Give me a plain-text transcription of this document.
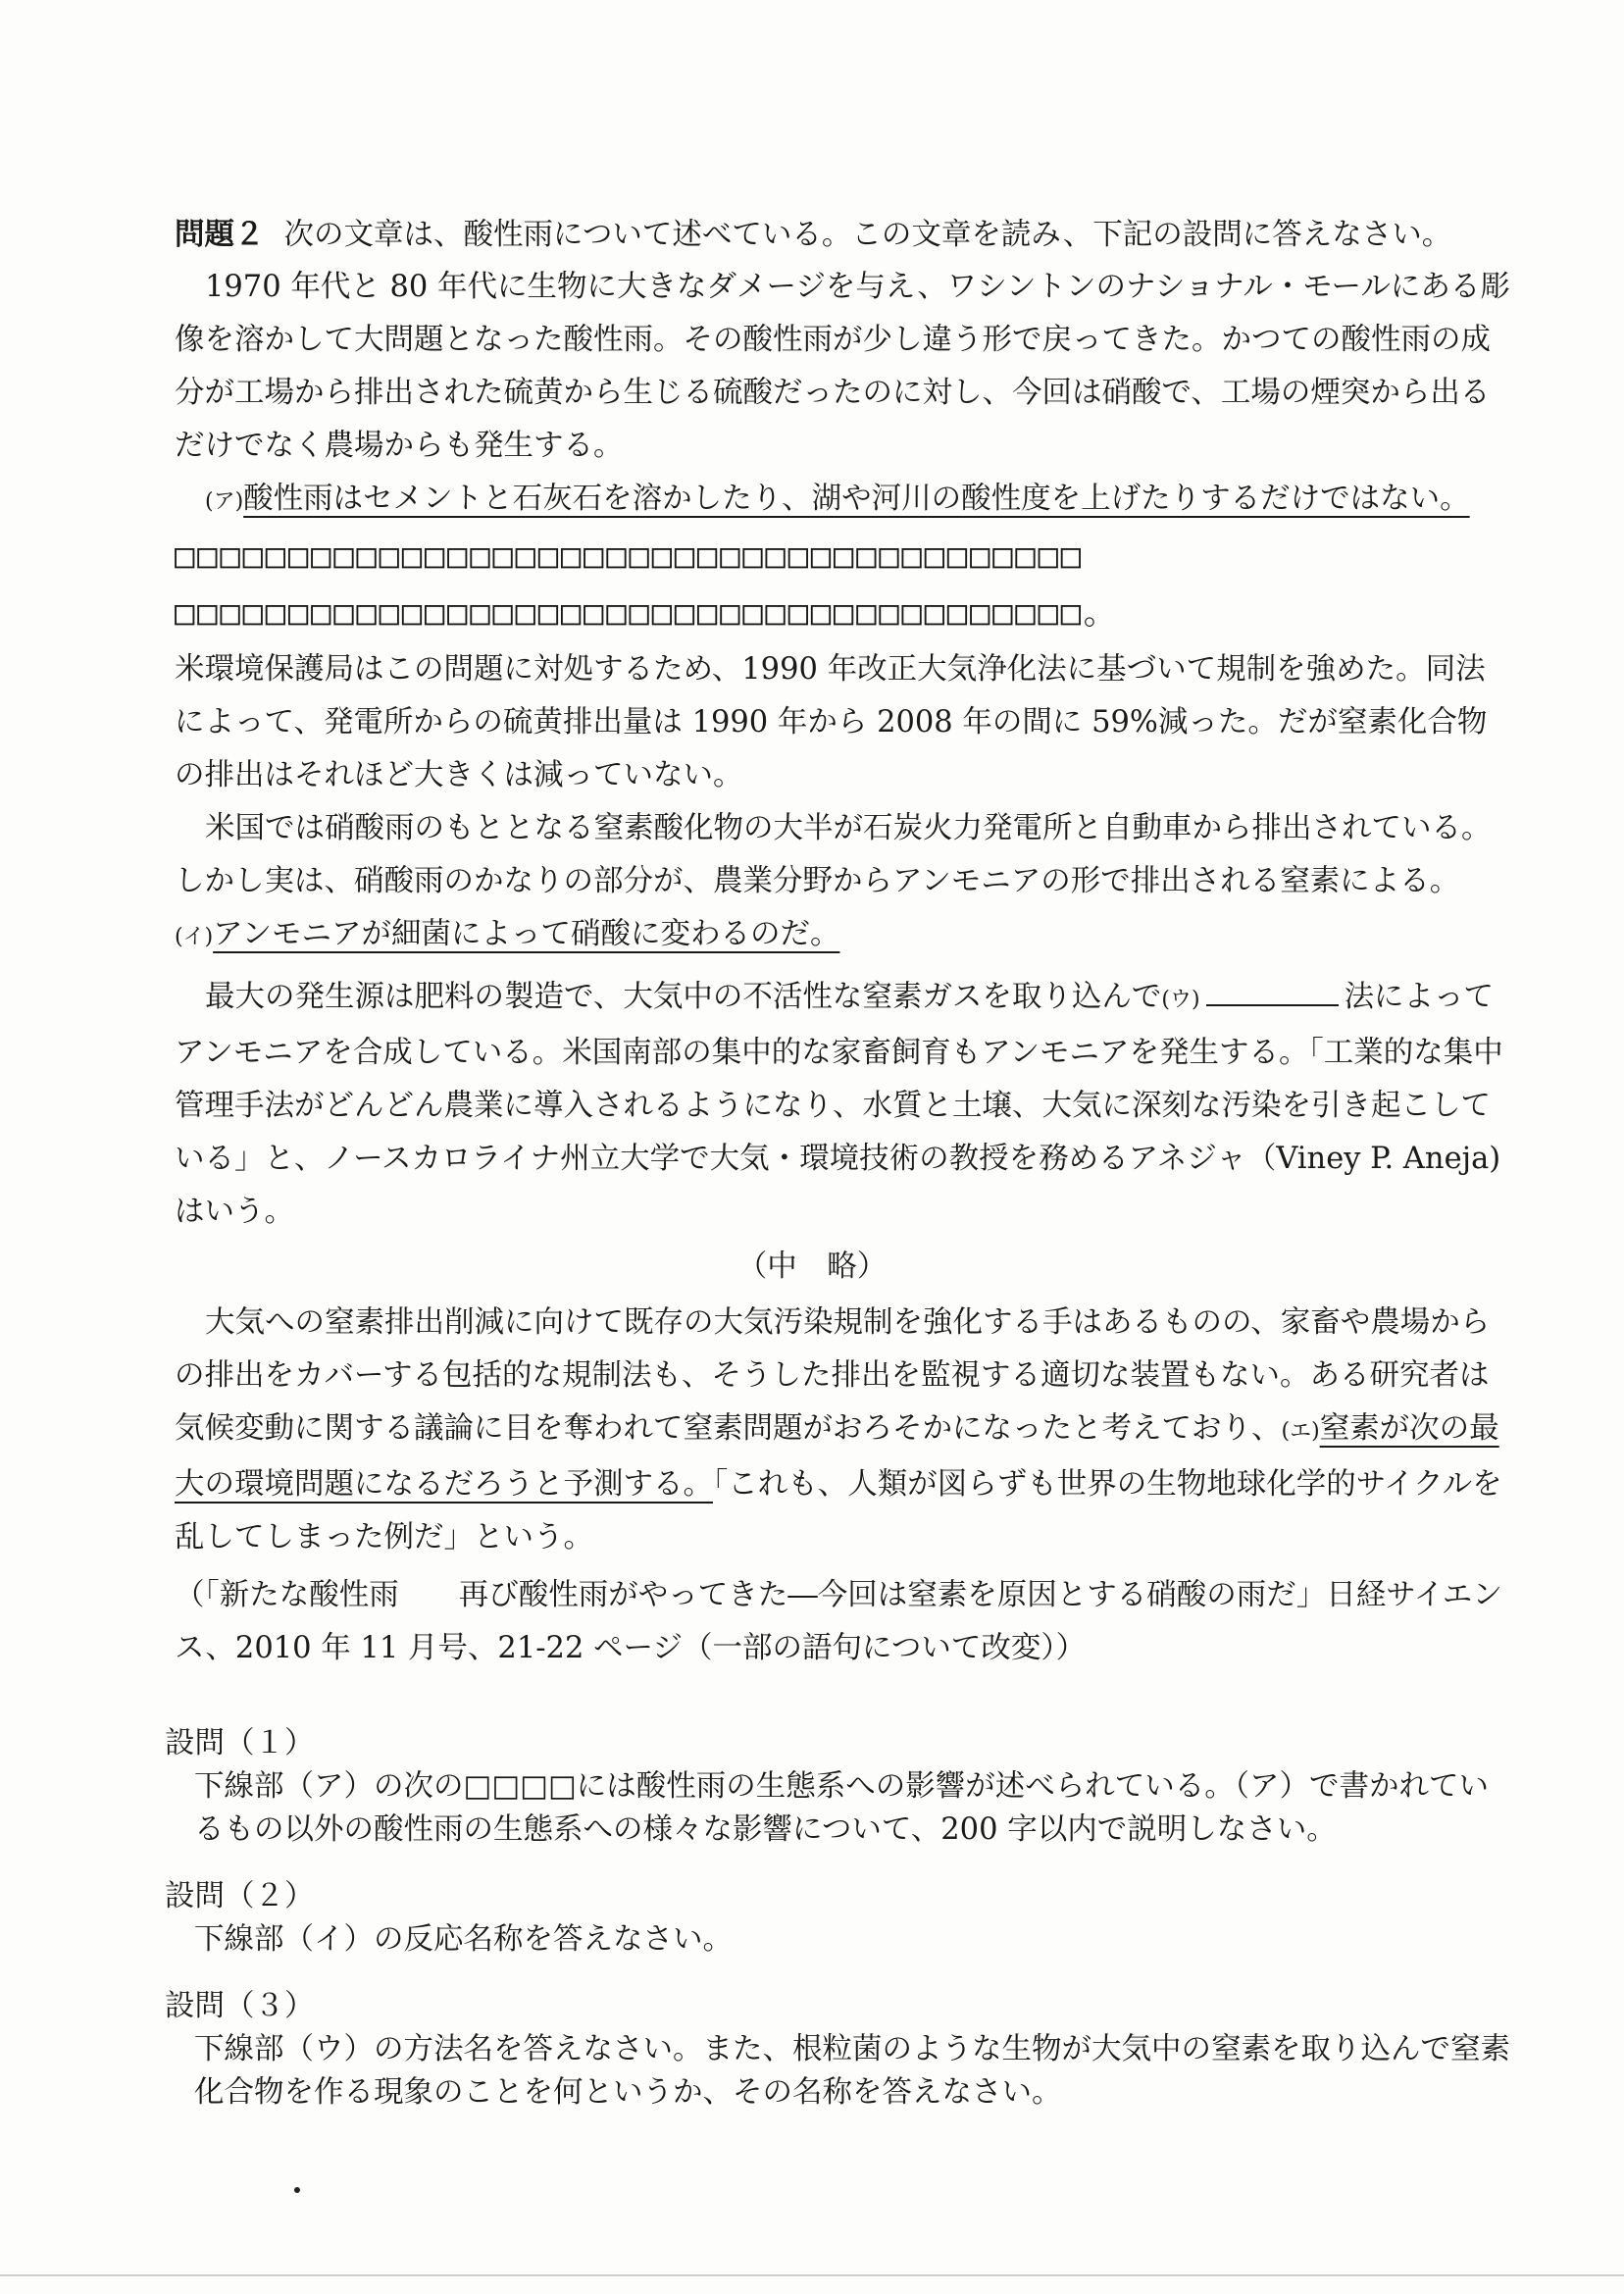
問題２ 次の文章は、酸性雨について述べている。この文章を読み、下記の設問に答えなさい。
1970 年代と 80 年代に生物に大きなダメージを与え、ワシントンのナショナル・モールにある彫像を溶かして大問題となった酸性雨。その酸性雨が少し違う形で戻ってきた。かつての酸性雨の成分が工場から排出された硫黄から生じる硫酸だったのに対し、今回は硝酸で、工場の煙突から出るだけでなく農場からも発生する。
(ア)酸性雨はセメントと石灰石を溶かしたり、湖や河川の酸性度を上げたりするだけではない。
□□□□□□□□□□□□□□□□□□□□□□□□□□□□□□□□□□□□□□□□
□□□□□□□□□□□□□□□□□□□□□□□□□□□□□□□□□□□□□□□□。
米環境保護局はこの問題に対処するため、1990 年改正大気浄化法に基づいて規制を強めた。同法によって、発電所からの硫黄排出量は 1990 年から 2008 年の間に 59%減った。だが窒素化合物の排出はそれほど大きくは減っていない。
米国では硝酸雨のもととなる窒素酸化物の大半が石炭火力発電所と自動車から排出されている。しかし実は、硝酸雨のかなりの部分が、農業分野からアンモニアの形で排出される窒素による。
(イ)アンモニアが細菌によって硝酸に変わるのだ。
最大の発生源は肥料の製造で、大気中の不活性な窒素ガスを取り込んで(ウ)	法によってアンモニアを合成している。米国南部の集中的な家畜飼育もアンモニアを発生する。「工業的な集中管理手法がどんどん農業に導入されるようになり、水質と土壌、大気に深刻な汚染を引き起こしている」と、ノースカロライナ州立大学で大気・環境技術の教授を務めるアネジャ（Viney P. Aneja)はいう。
（中　略）
大気への窒素排出削減に向けて既存の大気汚染規制を強化する手はあるものの、家畜や農場からの排出をカバーする包括的な規制法も、そうした排出を監視する適切な装置もない。ある研究者は気候変動に関する議論に目を奪われて窒素問題がおろそかになったと考えており、(エ)窒素が次の最大の環境問題になるだろうと予測する。「これも、人類が図らずも世界の生物地球化学的サイクルを乱してしまった例だ」という。
（「新たな酸性雨　　再び酸性雨がやってきた―今回は窒素を原因とする硝酸の雨だ」日経サイエンス、2010 年 11 月号、21-22 ページ（一部の語句について改変））
設問（１）
下線部（ア）の次の□□□□には酸性雨の生態系への影響が述べられている。（ア）で書かれているもの以外の酸性雨の生態系への様々な影響について、200 字以内で説明しなさい。
設問（２）
下線部（イ）の反応名称を答えなさい。
設問（３）
下線部（ウ）の方法名を答えなさい。また、根粒菌のような生物が大気中の窒素を取り込んで窒素化合物を作る現象のことを何というか、その名称を答えなさい。
